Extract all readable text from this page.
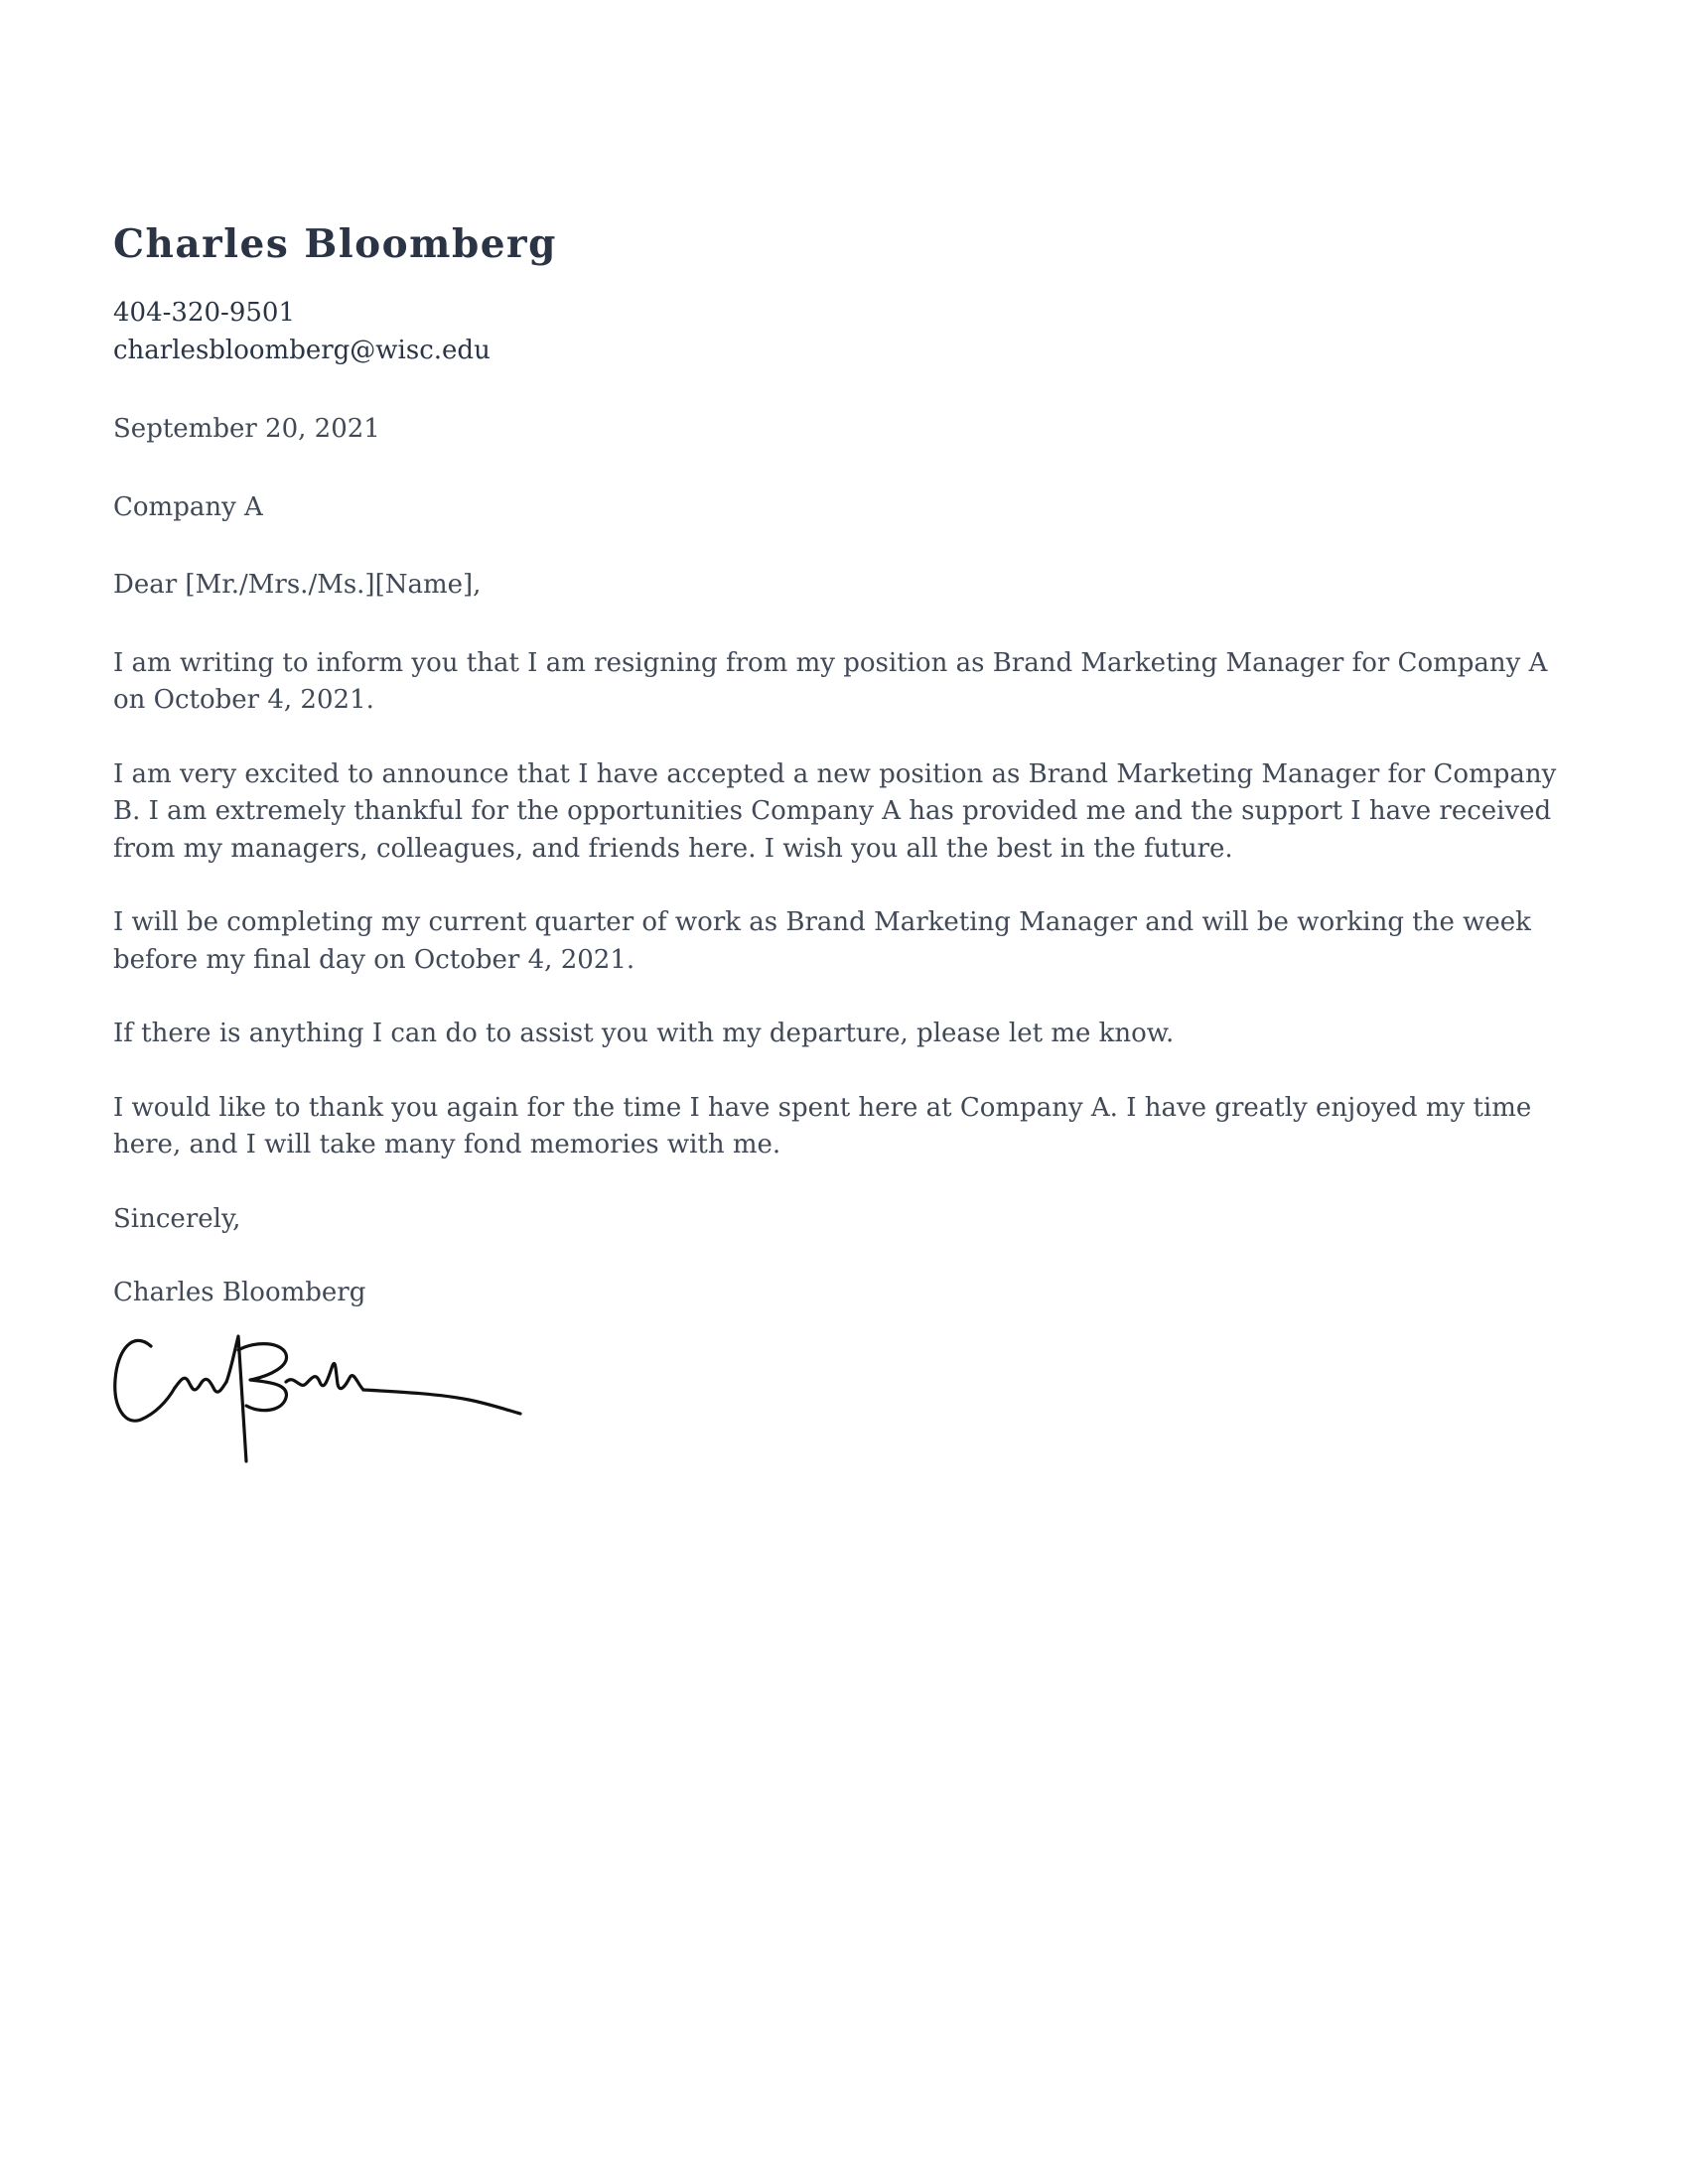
Charles Bloomberg
404-320-9501
charlesbloomberg@wisc.edu
September 20, 2021
Company A
Dear [Mr./Mrs./Ms.][Name],

I am writing to inform you that I am resigning from my position as Brand Marketing Manager for Company A on October 4, 2021.

I am very excited to announce that I have accepted a new position as Brand Marketing Manager for Company B. I am extremely thankful for the opportunities Company A has provided me and the support I have received from my managers, colleagues, and friends here. I wish you all the best in the future.

I will be completing my current quarter of work as Brand Marketing Manager and will be working the week before my final day on October 4, 2021.

If there is anything I can do to assist you with my departure, please let me know.

I would like to thank you again for the time I have spent here at Company A. I have greatly enjoyed my time here, and I will take many fond memories with me.

Sincerely,
Charles Bloomberg
